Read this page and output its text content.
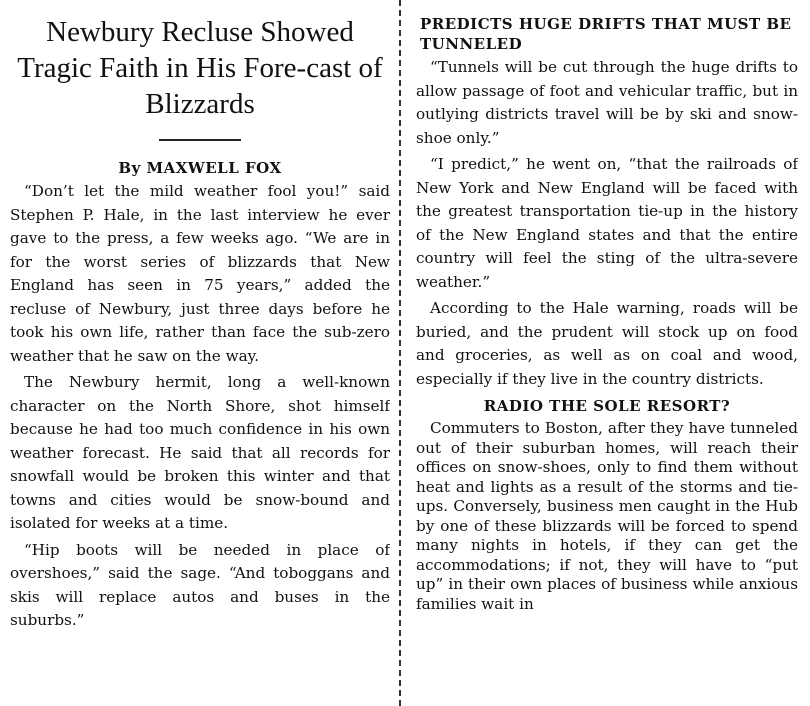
Newbury Recluse Showed Tragic Faith in His Fore-cast of Blizzards
By MAXWELL FOX

“Don’t let the mild weather fool you!” said Stephen P. Hale, in the last interview he ever gave to the press, a few weeks ago. “We are in for the worst series of blizzards that New England has seen in 75 years,” added the recluse of Newbury, just three days before he took his own life, rather than face the sub-zero weather that he saw on the way.

The Newbury hermit, long a well-known character on the North Shore, shot himself because he had too much confidence in his own weather forecast. He said that all records for snowfall would be broken this winter and that towns and cities would be snow-bound and isolated for weeks at a time.

“Hip boots will be needed in place of overshoes,” said the sage. “And toboggans and skis will replace autos and buses in the suburbs.”

PREDICTS HUGE DRIFTS THAT MUST BE TUNNELED

“Tunnels will be cut through the huge drifts to allow passage of foot and vehicular traffic, but in outlying districts travel will be by ski and snow-shoe only.”

“I predict,” he went on, “that the railroads of New York and New England will be faced with the greatest transportation tie-up in the history of the New England states and that the entire country will feel the sting of the ultra-severe weather.”

According to the Hale warning, roads will be buried, and the prudent will stock up on food and groceries, as well as on coal and wood, especially if they live in the country districts.

RADIO THE SOLE RESORT?

Commuters to Boston, after they have tunneled out of their suburban homes, will reach their offices on snow-shoes, only to find them without heat and lights as a result of the storms and tie-ups. Conversely, business men caught in the Hub by one of these blizzards will be forced to spend many nights in hotels, if they can get the accommodations; if not, they will have to “put up” in their own places of business while anxious families wait in
